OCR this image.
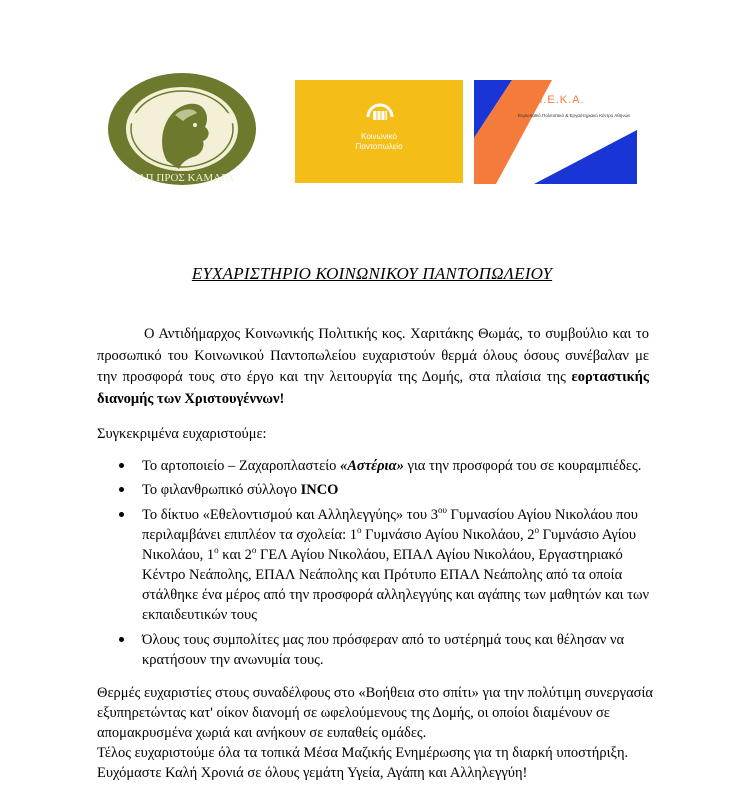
ΛΑΠ ΠΡΟΣ ΚΑΜΑΡΑ
Κοινωνικό
Παντοπωλείο
Ε.Π.Ε.Κ.Α.
Ευρωπαϊκό Πολιτιστικό & Εργαστηριακό Κέντρο Αθηνών
ΕΥΧΑΡΙΣΤΗΡΙΟ ΚΟΙΝΩΝΙΚΟΥ ΠΑΝΤΟΠΩΛΕΙΟΥ
Ο Αντιδήμαρχος Κοινωνικής Πολιτικής κος. Χαριτάκης Θωμάς, το συμβούλιο και το προσωπικό του Κοινωνικού Παντοπωλείου ευχαριστούν θερμά όλους όσους συνέβαλαν με την προσφορά τους στο έργο και την λειτουργία της Δομής, στα πλαίσια της εορταστικής διανομής των Χριστουγέννων!
Συγκεκριμένα ευχαριστούμε:
Το αρτοποιείο – Ζαχαροπλαστείο «Αστέρια» για την προσφορά του σε κουραμπιέδες.
Το φιλανθρωπικό σύλλογο INCO
Το δίκτυο «Εθελοντισμού και Αλληλεγγύης» του $3^{o\upsilon}$ Γυμνασίου Αγίου Νικολάου που περιλαμβάνει επιπλέον τα σχολεία: $1^o$ Γυμνάσιο Αγίου Νικολάου, $2^o$ Γυμνάσιο Αγίου Νικολάου, $1^o$ και $2^o$ ΓΕΛ Αγίου Νικολάου, ΕΠΑΛ Αγίου Νικολάου, Εργαστηριακό Κέντρο Νεάπολης, ΕΠΑΛ Νεάπολης και Πρότυπο ΕΠΑΛ Νεάπολης από τα οποία στάλθηκε ένα μέρος από την προσφορά αλληλεγγύης και αγάπης των μαθητών και των εκπαιδευτικών τους
Όλους τους συμπολίτες μας που πρόσφεραν από το υστέρημά τους και θέλησαν να κρατήσουν την ανωνυμία τους.
Θερμές ευχαριστίες στους συναδέλφους στο «Βοήθεια στο σπίτι» για την πολύτιμη συνεργασία εξυπηρετώντας κατ' οίκον διανομή σε ωφελούμενους της Δομής, οι οποίοι διαμένουν σε απομακρυσμένα χωριά και ανήκουν σε ευπαθείς ομάδες.
Τέλος ευχαριστούμε όλα τα τοπικά Μέσα Μαζικής Ενημέρωσης για τη διαρκή υποστήριξη.
Ευχόμαστε Καλή Χρονιά σε όλους γεμάτη Υγεία, Αγάπη και Αλληλεγγύη!
